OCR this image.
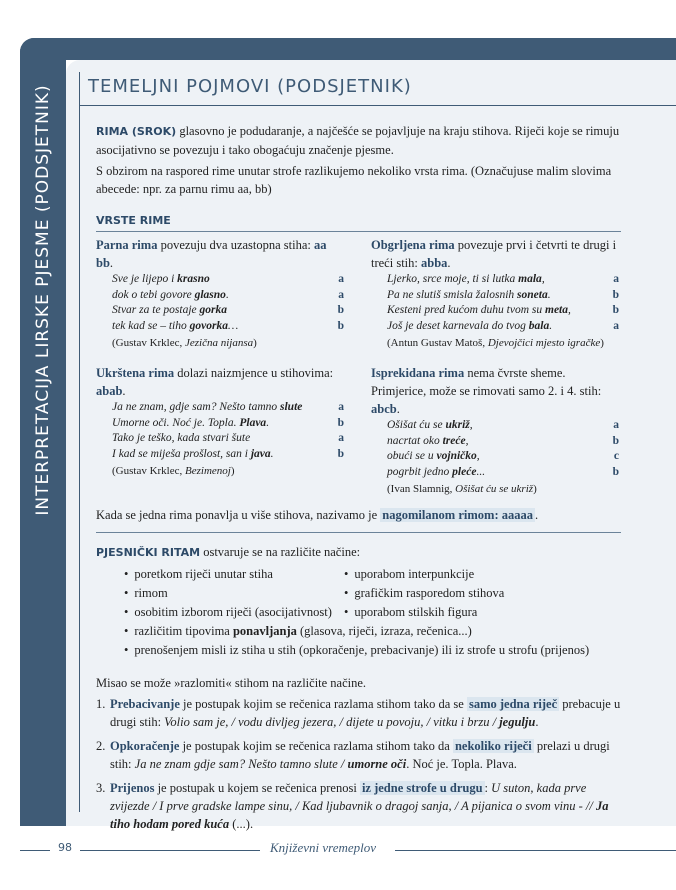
INTERPRETACIJA LIRSKE PJESME (PODSJETNIK) TEMELJNI POJMOVI (PODSJETNIK)

RIMA (SROK) glasovno je podudaranje, a najčešće se pojavljuje na kraju stihova. Riječi koje se rimuju asocijativno se povezuju i tako obogaćuju značenje pjesme.

S obzirom na raspored rime unutar strofe razlikujemo nekoliko vrsta rima. (Označujuse malim slovima abecede: npr. za parnu rimu aa, bb)

VRSTE RIME
Parna rima povezuju dva uzastopna stiha: aa bb.
Sve je lijepo i krasno	a
dok o tebi govore glasno.	a
Stvar za te postaje gorka	b
tek kad se – tiho govorka…	b
(Gustav Krklec, Jezična nijansa)
Obgrljena rima povezuje prvi i četvrti te drugi i treći stih: abba.
Ljerko, srce moje, ti si lutka mala,	a
Pa ne slutiš smisla žalosnih soneta.	b
Kesteni pred kućom duhu tvom su meta,	b
Još je deset karnevala do tvog bala.	a
(Antun Gustav Matoš, Djevojčici mjesto igračke)
Ukrštena rima dolazi naizmjence u stihovima: abab.
Ja ne znam, gdje sam? Nešto tamno slute	a
Umorne oči. Noć je. Topla. Plava.	b
Tako je teško, kada stvari šute	a
I kad se miješa prošlost, san i java.	b
(Gustav Krklec, Bezimenoj)
Isprekidana rima nema čvrste sheme. Primjerice, može se rimovati samo 2. i 4. stih: abcb.
Ošišat ću se ukriž,	a
nacrtat oko treće,	b
obući se u vojničko,	c
pogrbit jedno pleće...	b
(Ivan Slamnig, Ošišat ću se ukriž)

Kada se jedna rima ponavlja u više stihova, nazivamo je nagomilanom rimom: aaaaa .

PJESNIČKI RITAM ostvaruje se na različite načine:

• poretkom riječi unutar stiha
• rimom
• osobitim izborom riječi (asocijativnost)
• uporabom interpunkcije
• grafičkim rasporedom stihova
• uporabom stilskih figura
• različitim tipovima ponavljanja (glasova, riječi, izraza, rečenica...)
• prenošenjem misli iz stiha u stih (opkoračenje, prebacivanje) ili iz strofe u strofu (prijenos)

Misao se može »razlomiti« stihom na različite načine.

1. Prebacivanje je postupak kojim se rečenica razlama stihom tako da se samo jedna riječ prebacuje u drugi stih: Volio sam je, / vodu divljeg jezera, / dijete u povoju, / vitku i brzu / jegulju.
2. Opkoračenje je postupak kojim se rečenica razlama stihom tako da nekoliko riječi prelazi u drugi stih: Ja ne znam gdje sam? Nešto tamno slute / umorne oči. Noć je. Topla. Plava.
3. Prijenos je postupak u kojem se rečenica prenosi iz jedne strofe u drugu : U suton, kada prve zvijezde / I prve gradske lampe sinu, / Kad ljubavnik o dragoj sanja, / A pijanica o svom vinu - // Ja tiho hodam pored kuća (...).
98	Književni vremeplov
